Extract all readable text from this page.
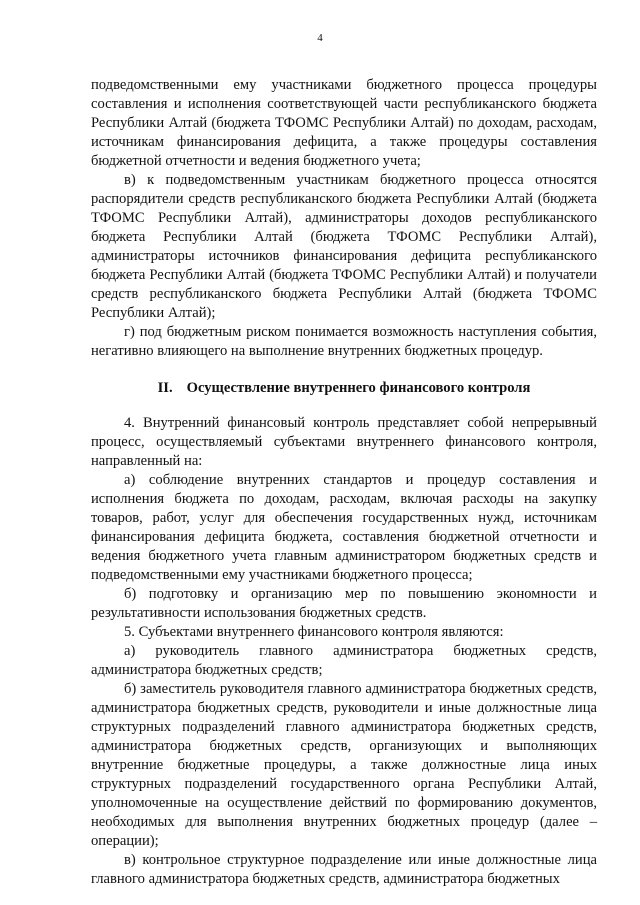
4

подведомственными ему участниками бюджетного процесса процедуры составления и исполнения соответствующей части республиканского бюджета Республики Алтай (бюджета ТФОМС Республики Алтай) по доходам, расходам, источникам финансирования дефицита, а также процедуры составления бюджетной отчетности и ведения бюджетного учета;

в) к подведомственным участникам бюджетного процесса относятся распорядители средств республиканского бюджета Республики Алтай (бюджета ТФОМС Республики Алтай), администраторы доходов республиканского бюджета Республики Алтай (бюджета ТФОМС Республики Алтай), администраторы источников финансирования дефицита республиканского бюджета Республики Алтай (бюджета ТФОМС Республики Алтай) и получатели средств республиканского бюджета Республики Алтай (бюджета ТФОМС Республики Алтай);

г) под бюджетным риском понимается возможность наступления события, негативно влияющего на выполнение внутренних бюджетных процедур.

II. Осуществление внутреннего финансового контроля

4. Внутренний финансовый контроль представляет собой непрерывный процесс, осуществляемый субъектами внутреннего финансового контроля, направленный на:

а) соблюдение внутренних стандартов и процедур составления и исполнения бюджета по доходам, расходам, включая расходы на закупку товаров, работ, услуг для обеспечения государственных нужд, источникам финансирования дефицита бюджета, составления бюджетной отчетности и ведения бюджетного учета главным администратором бюджетных средств и подведомственными ему участниками бюджетного процесса;

б) подготовку и организацию мер по повышению экономности и результативности использования бюджетных средств.

5. Субъектами внутреннего финансового контроля являются:

а) руководитель главного администратора бюджетных средств, администратора бюджетных средств;

б) заместитель руководителя главного администратора бюджетных средств, администратора бюджетных средств, руководители и иные должностные лица структурных подразделений главного администратора бюджетных средств, администратора бюджетных средств, организующих и выполняющих внутренние бюджетные процедуры, а также должностные лица иных структурных подразделений государственного органа Республики Алтай, уполномоченные на осуществление действий по формированию документов, необходимых для выполнения внутренних бюджетных процедур (далее – операции);

в) контрольное структурное подразделение или иные должностные лица главного администратора бюджетных средств, администратора бюджетных
